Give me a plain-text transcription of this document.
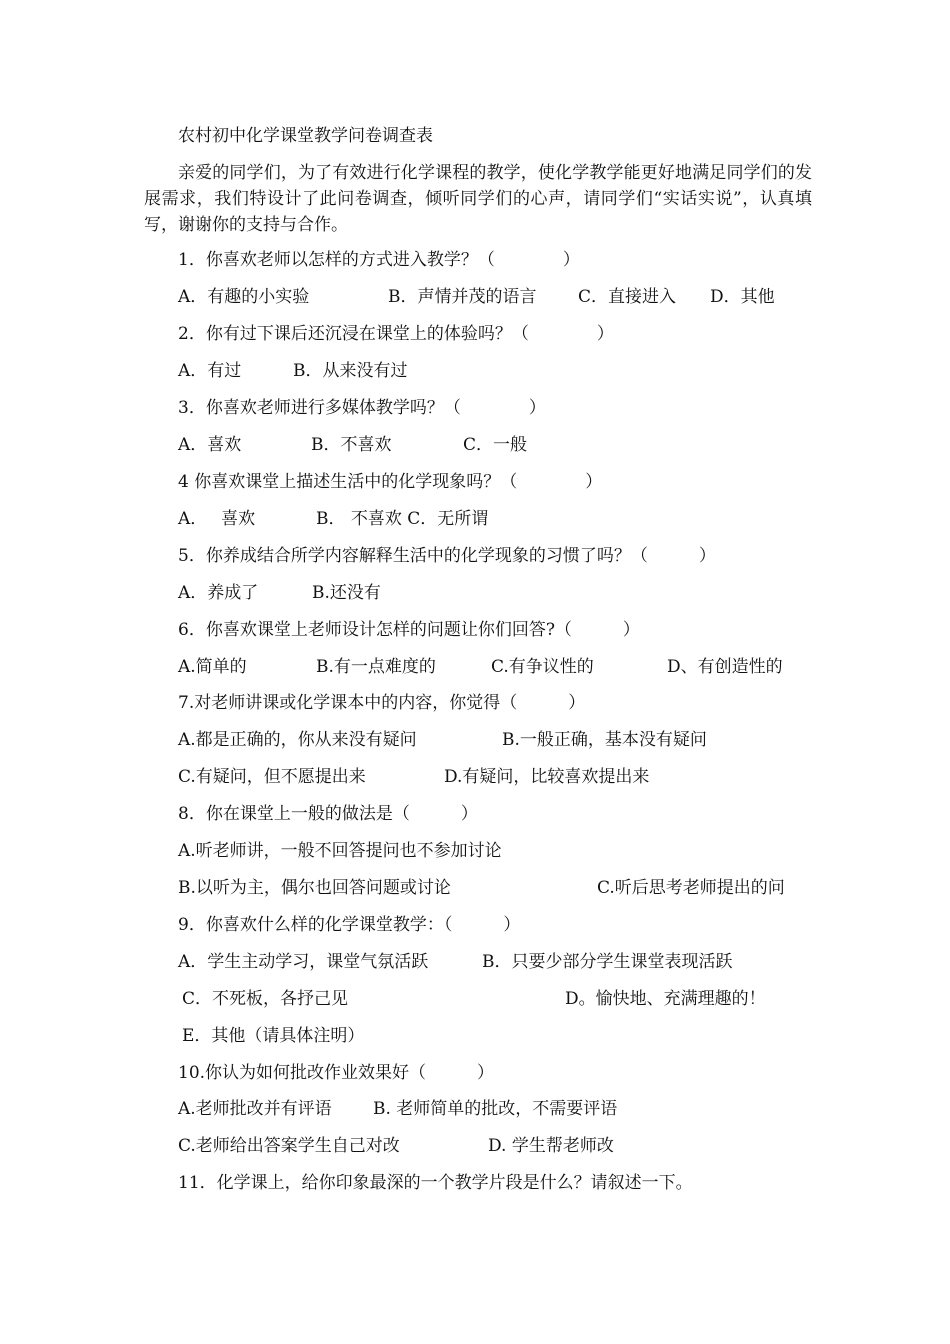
农村初中化学课堂教学问卷调查表
亲爱的同学们，为了有效进行化学课程的教学，使化学教学能更好地满足同学们的发展需求，我们特设计了此问卷调查，倾听同学们的心声，请同学们“实话实说”，认真填写，谢谢你的支持与合作。
1．你喜欢老师以怎样的方式进入教学？（　　　　）
A．有趣的小实验	B．声情并茂的语言 C．直接进入 D．其他
2．你有过下课后还沉浸在课堂上的体验吗？（　　　　）
A．有过	B．从来没有过
3．你喜欢老师进行多媒体教学吗？（　　　　）
A．喜欢	B．不喜欢	C．一般
4 你喜欢课堂上描述生活中的化学现象吗？（　　　　）
A．　 喜欢	B． 不喜欢 C．无所谓
5．你养成结合所学内容解释生活中的化学现象的习惯了吗？（　　　）
A．养成了	B.还没有
6．你喜欢课堂上老师设计怎样的问题让你们回答?（　　　）
A.简单的	B.有一点难度的	C.有争议性的	D、有创造性的
7.对老师讲课或化学课本中的内容，你觉得（　　　）
A.都是正确的，你从来没有疑问	B.一般正确，基本没有疑问
C.有疑问，但不愿提出来	D.有疑问，比较喜欢提出来
8．你在课堂上一般的做法是（　　　）
A.听老师讲，一般不回答提问也不参加讨论
B.以听为主，偶尔也回答问题或讨论	C.听后思考老师提出的问
9．你喜欢什么样的化学课堂教学：（　　　）
A．学生主动学习，课堂气氛活跃	B．只要少部分学生课堂表现活跃
C．不死板，各抒己见	D。愉快地、充满理趣的！
E．其他（请具体注明）
10.你认为如何批改作业效果好（　　　）
A.老师批改并有评语 B. 老师简单的批改，不需要评语
C.老师给出答案学生自己对改	D. 学生帮老师改
11．化学课上，给你印象最深的一个教学片段是什么？请叙述一下。
